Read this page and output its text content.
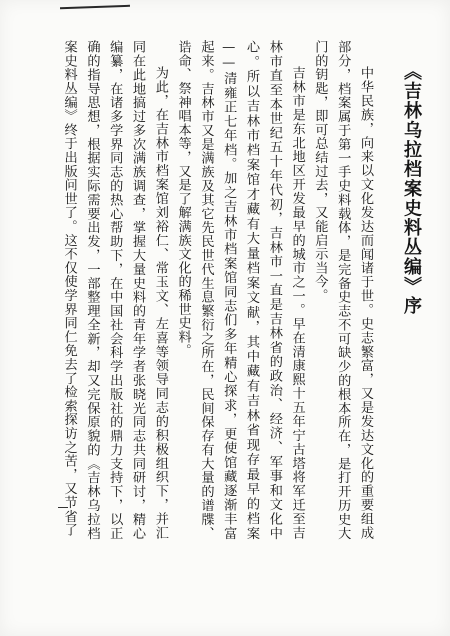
《吉林乌拉档案史料丛编》序

中华民族，向来以文化发达而闻诸于世。史志繁富，又是发达文化的重要组成部分，档案属于第一手史料载体，是完备史志不可缺少的根本所在，是打开历史大门的钥匙，即可总结过去，又能启示当今。

吉林市是东北地区开发最早的城市之一。早在清康熙十五年宁古塔将军迁至吉林市直至本世纪五十年代初，吉林市一直是吉林省的政治、经济、军事和文化中心。所以吉林市档案馆才藏有大量档案文献，其中藏有吉林省现存最早的档案——清雍正七年档。加之吉林市档案馆同志们多年精心探求，更使馆藏逐渐丰富起来。吉林市又是满族及其它先民世代生息繁衍之所在，民间保存有大量的谱牒、诰命、祭神唱本等，又是了解满族文化的稀世史料。

为此，在吉林市档案馆刘裕仁、常玉文、左喜等领导同志的积极组织下，并汇同在此地搞过多次满族调查，掌握大量史料的青年学者张晓光同志共同研讨，精心编纂，在诸多学界同志的热心帮助下，在中国社会科学出版社的鼎力支持下，以正确的指导思想，根据实际需要出发，一部整理全新，却又完保原貌的《吉林乌拉档案史料丛编》终于出版问世了。这不仅使学界同仁免去了检索探访之苦，又节省了
